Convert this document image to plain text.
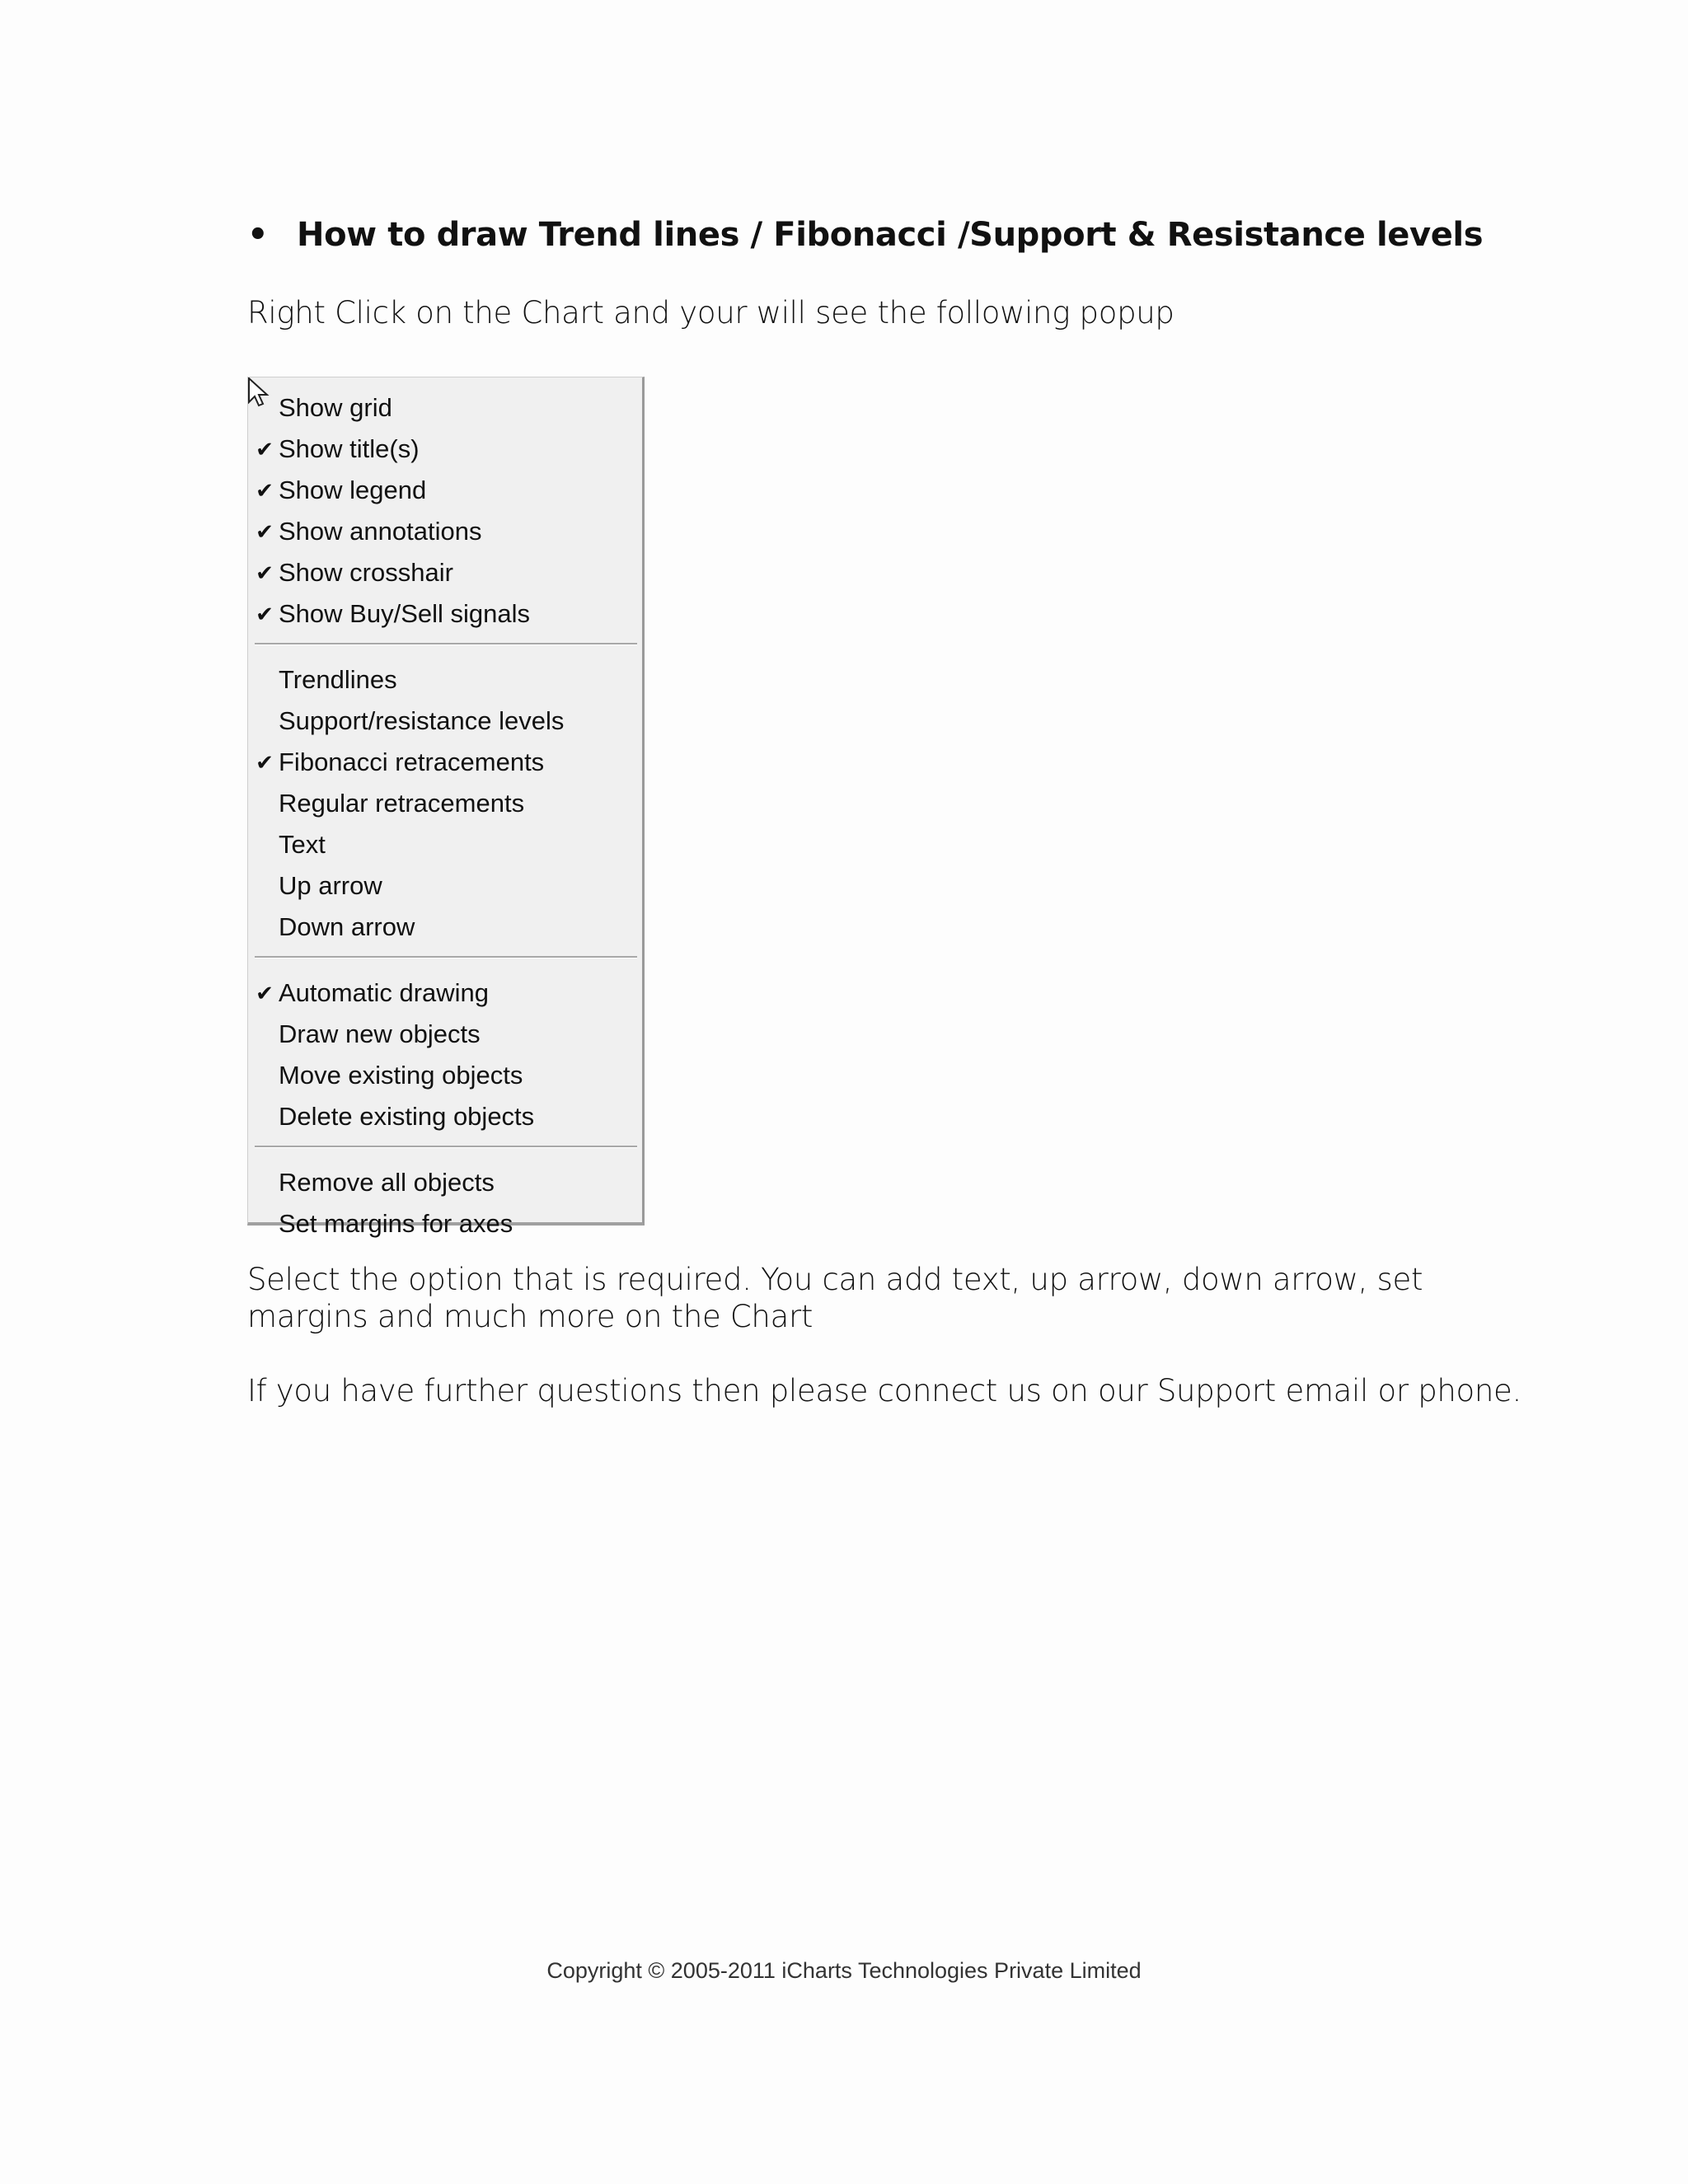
• How to draw Trend lines / Fibonacci /Support & Resistance levels
Right Click on the Chart and your will see the following popup
Show grid
✔ Show title(s)
✔ Show legend
✔ Show annotations
✔ Show crosshair
✔ Show Buy/Sell signals
Trendlines
Support/resistance levels
✔ Fibonacci retracements
Regular retracements
Text
Up arrow
Down arrow
✔ Automatic drawing
Draw new objects
Move existing objects
Delete existing objects
Remove all objects
Set margins for axes
Select the option that is required. You can add text, up arrow, down arrow, set
margins and much more on the Chart
If you have further questions then please connect us on our Support email or phone.
Copyright © 2005-2011 iCharts Technologies Private Limited
